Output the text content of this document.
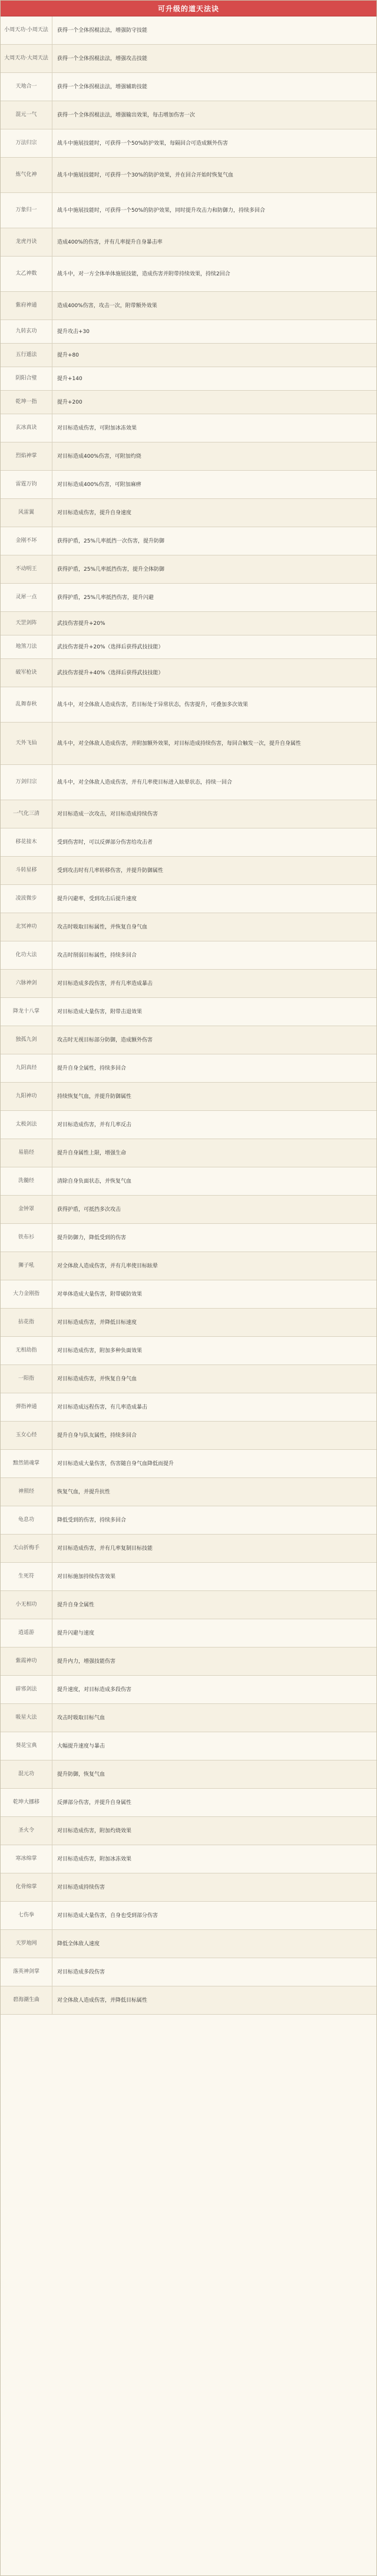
可升级的道天法诀
小周天功·小周天法	获得一个全体拐棍法法，增强防守技能
大周天功·大周天法	获得一个全体拐棍法法，增强攻击技能
天地合一	获得一个全体拐棍法法，增强辅助技能
混元一气	获得一个全体拐棍法法，增强输出效果，每击增加伤害一次
万法归宗	战斗中施展技能时，可获得一个50%防护效果，每隔回合可造成额外伤害
炼气化神	战斗中施展技能时，可获得一个30%的防护效果，并在回合开始时恢复气血
万象归一	战斗中施展技能时，可获得一个50%的防护效果，同时提升攻击力和防御力，持续多回合
龙虎丹诀	造成400%的伤害，并有几率提升自身暴击率
太乙神数	战斗中，对一方全体单体施展技能，造成伤害并附带持续效果，持续2回合
紫府神通	造成400%伤害，攻击一次，附带额外效果
九转玄功	提升攻击+30
五行遁法	提升+80
阴阳合璧	提升+140
乾坤一指	提升+200
玄冰真诀	对目标造成伤害，可附加冰冻效果
烈焰神掌	对目标造成400%伤害，可附加灼烧
雷霆万钧	对目标造成400%伤害，可附加麻痹
风雷翼	对目标造成伤害，提升自身速度
金刚不坏	获得护盾，25%几率抵挡一次伤害，提升防御
不动明王	获得护盾，25%几率抵挡伤害，提升全体防御
灵犀一点	获得护盾，25%几率抵挡伤害，提升闪避
天罡剑阵	武技伤害提升+20%
地煞刀法	武技伤害提升+20%（选择后获得武技技能）
破军枪诀	武技伤害提升+40%（选择后获得武技技能）
乱舞春秋	战斗中，对全体敌人造成伤害，若目标处于异常状态，伤害提升，可叠加多次效果
天外飞仙	战斗中，对全体敌人造成伤害，并附加额外效果，对目标造成持续伤害，每回合触发一次，提升自身属性
万剑归宗	战斗中，对全体敌人造成伤害，并有几率使目标进入眩晕状态，持续一回合
一气化三清	对目标造成一次攻击，对目标造成持续伤害
移花接木	受到伤害时，可以反弹部分伤害给攻击者
斗转星移	受到攻击时有几率转移伤害，并提升防御属性
凌波微步	提升闪避率，受到攻击后提升速度
北冥神功	攻击时吸取目标属性，并恢复自身气血
化功大法	攻击时削弱目标属性，持续多回合
六脉神剑	对目标造成多段伤害，并有几率造成暴击
降龙十八掌	对目标造成大量伤害，附带击退效果
独孤九剑	攻击时无视目标部分防御，造成额外伤害
九阴真经	提升自身全属性，持续多回合
九阳神功	持续恢复气血，并提升防御属性
太极剑法	对目标造成伤害，并有几率反击
易筋经	提升自身属性上限，增强生命
洗髓经	清除自身负面状态，并恢复气血
金钟罩	获得护盾，可抵挡多次攻击
铁布衫	提升防御力，降低受到的伤害
狮子吼	对全体敌人造成伤害，并有几率使目标眩晕
大力金刚指	对单体造成大量伤害，附带破防效果
拈花指	对目标造成伤害，并降低目标速度
无相劫指	对目标造成伤害，附加多种负面效果
一阳指	对目标造成伤害，并恢复自身气血
弹指神通	对目标造成远程伤害，有几率造成暴击
玉女心经	提升自身与队友属性，持续多回合
黯然销魂掌	对目标造成大量伤害，伤害随自身气血降低而提升
神照经	恢复气血，并提升抗性
龟息功	降低受到的伤害，持续多回合
天山折梅手	对目标造成伤害，并有几率复制目标技能
生死符	对目标施加持续伤害效果
小无相功	提升自身全属性
逍遥游	提升闪避与速度
紫霞神功	提升内力，增强技能伤害
辟邪剑法	提升速度，对目标造成多段伤害
吸星大法	攻击时吸取目标气血
葵花宝典	大幅提升速度与暴击
混元功	提升防御，恢复气血
乾坤大挪移	反弹部分伤害，并提升自身属性
圣火令	对目标造成伤害，附加灼烧效果
寒冰绵掌	对目标造成伤害，附加冰冻效果
化骨绵掌	对目标造成持续伤害
七伤拳	对目标造成大量伤害，自身也受到部分伤害
天罗地网	降低全体敌人速度
落英神剑掌	对目标造成多段伤害
碧海潮生曲	对全体敌人造成伤害，并降低目标属性
